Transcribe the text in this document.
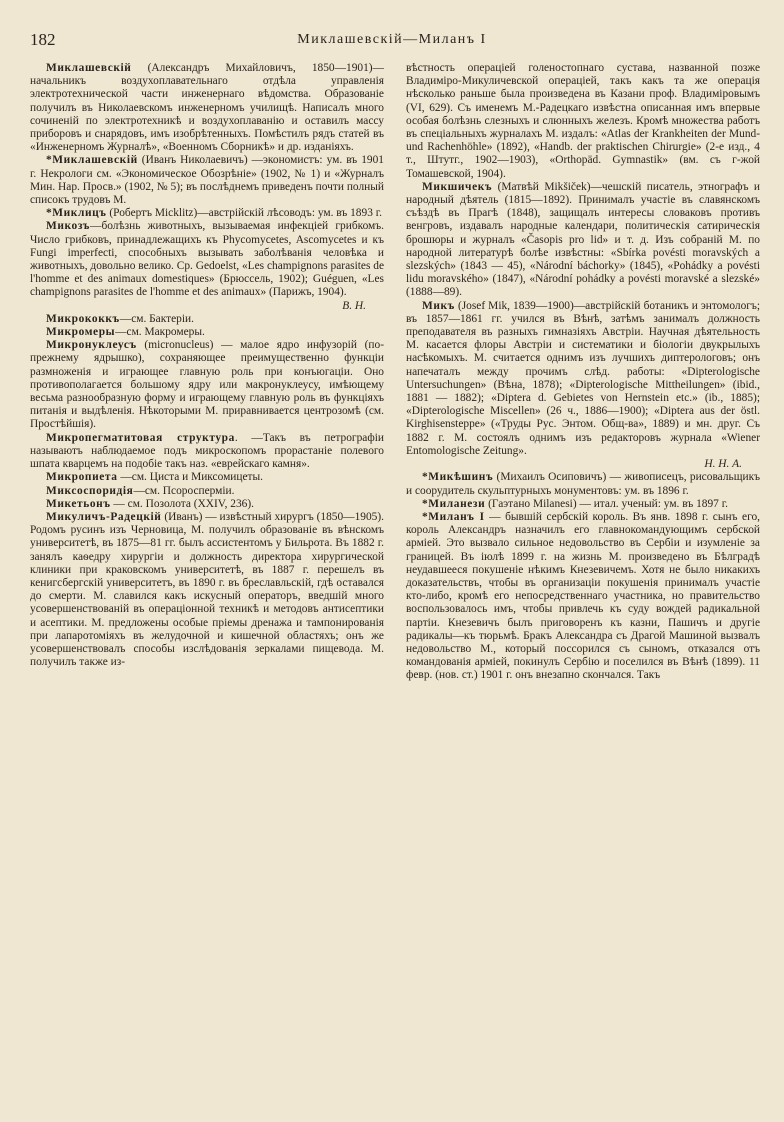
182	Миклашевскій—Миланъ I

Миклашевскій (Александръ Михайловичъ, 1850—1901)—начальникъ воздухоплавательнаго отдѣла управленія электротехнической части инженернаго вѣдомства. Образованіе получилъ въ Николаевскомъ инженерномъ училищѣ. Написалъ много сочиненій по электротехникѣ и воздухоплаванію и оставилъ массу приборовъ и снарядовъ, имъ изобрѣтенныхъ. Помѣстилъ рядъ статей въ «Инженерномъ Журналѣ», «Военномъ Сборникѣ» и др. изданіяхъ.

*Миклашевскій (Иванъ Николаевичъ) —экономистъ: ум. въ 1901 г. Некрологи см. «Экономическое Обозрѣніе» (1902, № 1) и «Журналъ Мин. Нар. Просв.» (1902, № 5); въ послѣднемъ приведенъ почти полный списокъ трудовъ М.

*Миклицъ (Робертъ Micklitz)—австрійскій лѣсоводъ: ум. въ 1893 г.

Микозъ—болѣзнь животныхъ, вызываемая инфекціей грибкомъ. Число грибковъ, принадлежащихъ къ Phycomycetes, Ascomycetes и къ Fungi imperfecti, способныхъ вызывать заболѣванія человѣка и животныхъ, довольно велико. Ср. Gedoelst, «Les champignons parasites de l'homme et des animaux domestiques» (Брюссель, 1902); Guéguen, «Les champignons parasites de l'homme et des animaux» (Парижъ, 1904).

В. Н.

Микрококкъ—см. Бактеріи.

Микромеры—см. Макромеры.

Микронуклеусъ (micronucleus) — малое ядро инфузорій (по-прежнему ядрышко), сохраняющее преимущественно функціи размноженія и играющее главную роль при конъюгаціи. Оно противополагается большому ядру или макронуклеусу, имѣющему весьма разнообразную форму и играющему главную роль въ функціяхъ питанія и выдѣленія. Нѣкоторыми М. приравнивается центрозомѣ (см. Простѣйшія).

Микропегматитовая структура. —Такъ въ петрографіи называютъ наблюдаемое подъ микроскопомъ прорастаніе полевого шпата кварцемъ на подобіе такъ наз. «еврейскаго камня».

Микропиета —см. Циста и Миксомицеты.

Миксоспоридія—см. Псоросперміи.

Микетьонъ — см. Позолота (XXIV, 236).

Микуличъ-Радецкій (Иванъ) — извѣстный хирургъ (1850—1905). Родомъ русинъ изъ Черновица, М. получилъ образованіе въ вѣнскомъ университетѣ, въ 1875—81 гг. былъ ассистентомъ у Бильрота. Въ 1882 г. занялъ каѳедру хирургіи и должность директора хирургической клиники при краковскомъ университетѣ, въ 1887 г. перешелъ въ кенигсбергскій университетъ, въ 1890 г. въ бреславльскій, гдѣ оставался до смерти. М. славился какъ искусный операторъ, введшій много усовершенствованій въ операціонной техникѣ и методовъ антисептики и асептики. М. предложены особые пріемы дренажа и тампонированія при лапаротоміяхъ въ желудочной и кишечной областяхъ; онъ же усовершенствовалъ способы изслѣдованія зеркалами пищевода. М. получилъ также из-

вѣстность операціей голеностопнаго сустава, названной позже Владиміро-Микуличевской операціей, такъ какъ та же операція нѣсколько раньше была произведена въ Казани проф. Владиміровымъ (VI, 629). Съ именемъ М.-Радецкаго извѣстна описанная имъ впервые особая болѣзнь слезныхъ и слюнныхъ железъ. Кромѣ множества работъ въ спеціальныхъ журналахъ М. издалъ: «Atlas der Krankheiten der Mund- und Rachenhöhle» (1892), «Handb. der praktischen Chirurgie» (2-е изд., 4 т., Штутг., 1902—1903), «Orthopäd. Gymnastik» (вм. съ г-жой Томашевской, 1904).

Микшичекъ (Матвѣй Mikšiček)—чешскій писатель, этнографъ и народный дѣятель (1815—1892). Принималъ участіе въ славянскомъ съѣздѣ въ Прагѣ (1848), защищалъ интересы словаковъ противъ венгровъ, издавалъ народные календари, политическія сатирическія брошюры и журналъ «Časopis pro lid» и т. д. Изъ собраній М. по народной литературѣ болѣе извѣстны: «Sbírka povésti moravských a slezských» (1843 — 45), «Národní báchorky» (1845), «Pohádky a povésti lidu moravského» (1847), «Národní pohádky a povésti moravské a slezské» (1888—89).

Микъ (Josef Mik, 1839—1900)—австрійскій ботаникъ и энтомологъ; въ 1857—1861 гг. учился въ Вѣнѣ, затѣмъ занималъ должность преподавателя въ разныхъ гимназіяхъ Австріи. Научная дѣятельность М. касается флоры Австріи и систематики и біологіи двукрылыхъ насѣкомыхъ. М. считается однимъ изъ лучшихъ диптерологовъ; онъ напечаталъ между прочимъ слѣд. работы: «Dipterologische Untersuchungen» (Вѣна, 1878); «Dipterologische Mittheilungen» (ibid., 1881 — 1882); «Diptera d. Gebietes von Hernstein etc.» (ib., 1885); «Dipterologische Miscellen» (26 ч., 1886—1900); «Diptera aus der östl. Kirghisensteppe» («Труды Рус. Энтом. Общ-ва», 1889) и мн. друг. Съ 1882 г. М. состоялъ однимъ изъ редакторовъ журнала «Wiener Entomologische Zeitung».

Н. Н. А.

*Микѣшинъ (Михаилъ Осиповичъ) — живописецъ, рисовальщикъ и соорудитель скульптурныхъ монументовъ: ум. въ 1896 г.

*Миланези (Гаэтано Milanesi) — итал. ученый: ум. въ 1897 г.

*Миланъ I — бывшій сербскій король. Въ янв. 1898 г. сынъ его, король Александръ назначилъ его главнокомандующимъ сербской арміей. Это вызвало сильное недовольство въ Сербіи и изумленіе за границей. Въ іюлѣ 1899 г. на жизнь М. произведено въ Бѣлградѣ неудавшееся покушеніе нѣкимъ Кнезевичемъ. Хотя не было никакихъ доказательствъ, чтобы въ организаціи покушенія принималъ участіе кто-либо, кромѣ его непосредственнаго участника, но правительство воспользовалось имъ, чтобы привлечь къ суду вождей радикальной партіи. Кнезевичъ былъ приговоренъ къ казни, Пашичъ и другіе радикалы—къ тюрьмѣ. Бракъ Александра съ Драгой Машиной вызвалъ недовольство М., который поссорился съ сыномъ, отказался отъ командованія арміей, покинулъ Сербію и поселился въ Вѣнѣ (1899). 11 февр. (нов. ст.) 1901 г. онъ внезапно скончался. Такъ
